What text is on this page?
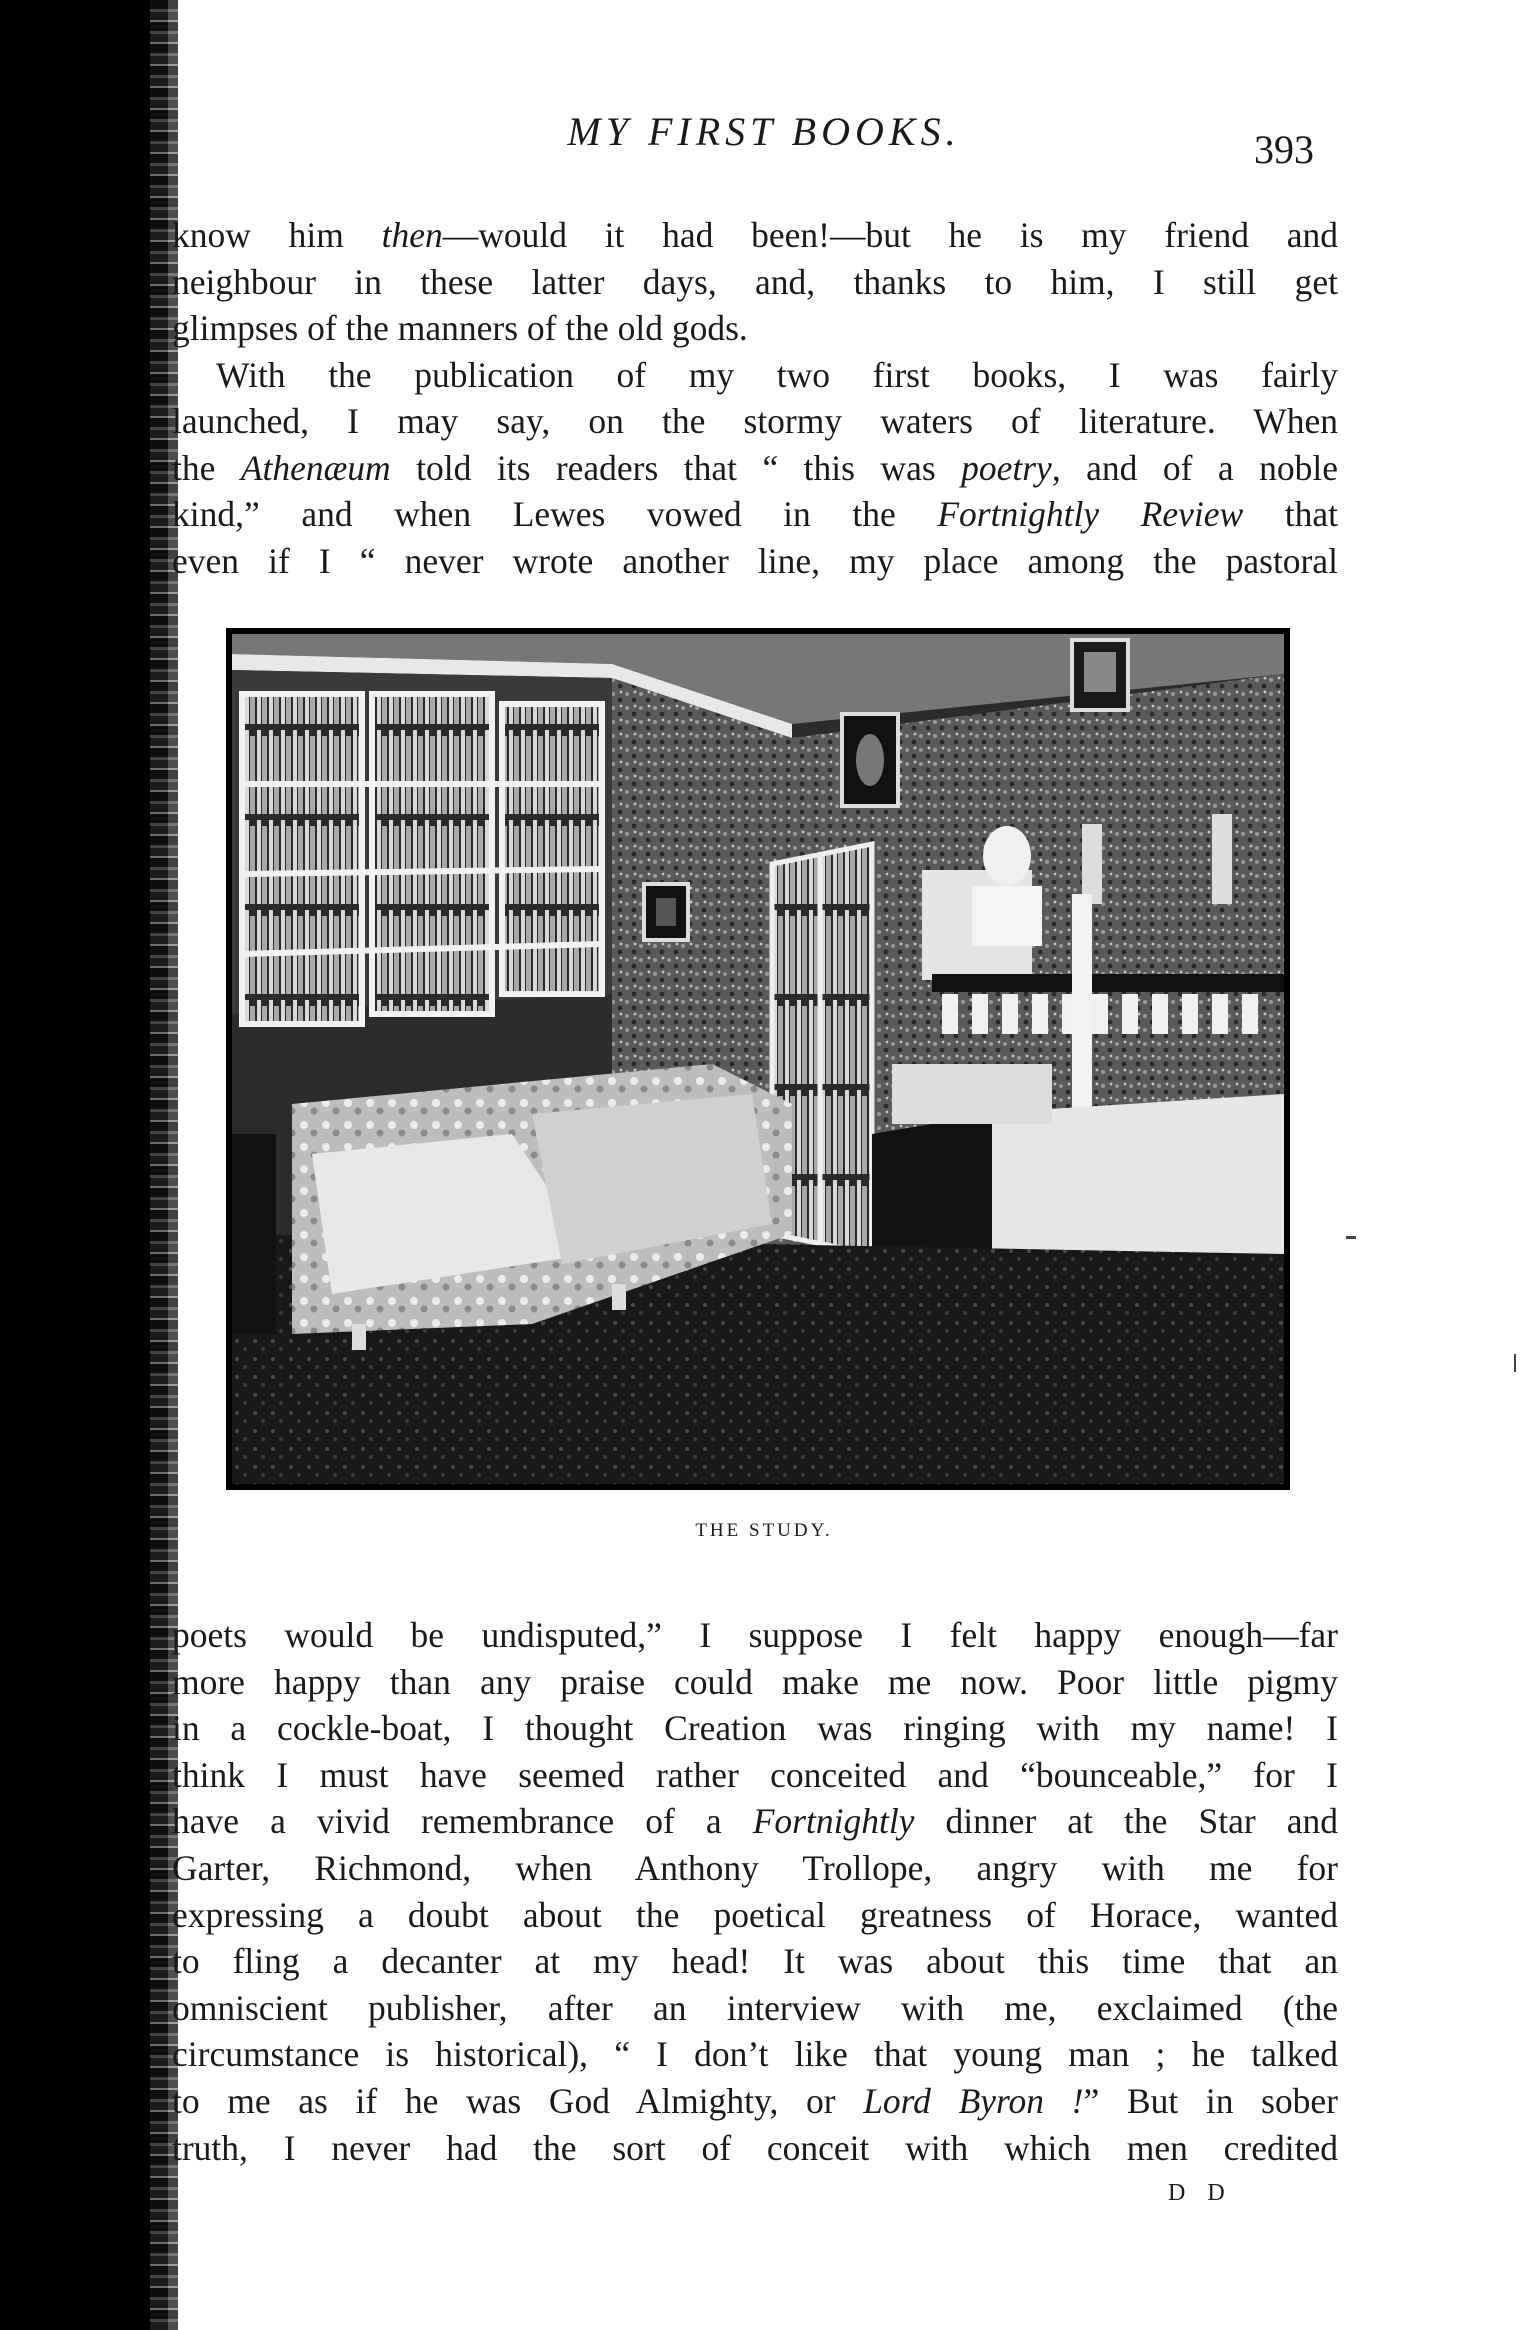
MY FIRST BOOKS.	393
know him then—would it had been!—but he is my friend and
neighbour in these latter days, and, thanks to him, I still get
glimpses of the manners of the old gods.
With the publication of my two first books, I was fairly
launched, I may say, on the stormy waters of literature. When
the Athenæum told its readers that “ this was poetry, and of a noble
kind,” and when Lewes vowed in the Fortnightly Review that
even if I “ never wrote another line, my place among the pastoral
THE STUDY.
poets would be undisputed,” I suppose I felt happy enough—far
more happy than any praise could make me now. Poor little pigmy
in a cockle-boat, I thought Creation was ringing with my name! I
think I must have seemed rather conceited and “bounceable,” for I
have a vivid remembrance of a Fortnightly dinner at the Star and
Garter, Richmond, when Anthony Trollope, angry with me for
expressing a doubt about the poetical greatness of Horace, wanted
to fling a decanter at my head! It was about this time that an
omniscient publisher, after an interview with me, exclaimed (the
circumstance is historical), “ I don’t like that young man ; he talked
to me as if he was God Almighty, or Lord Byron !” But in sober
truth, I never had the sort of conceit with which men credited
D D
